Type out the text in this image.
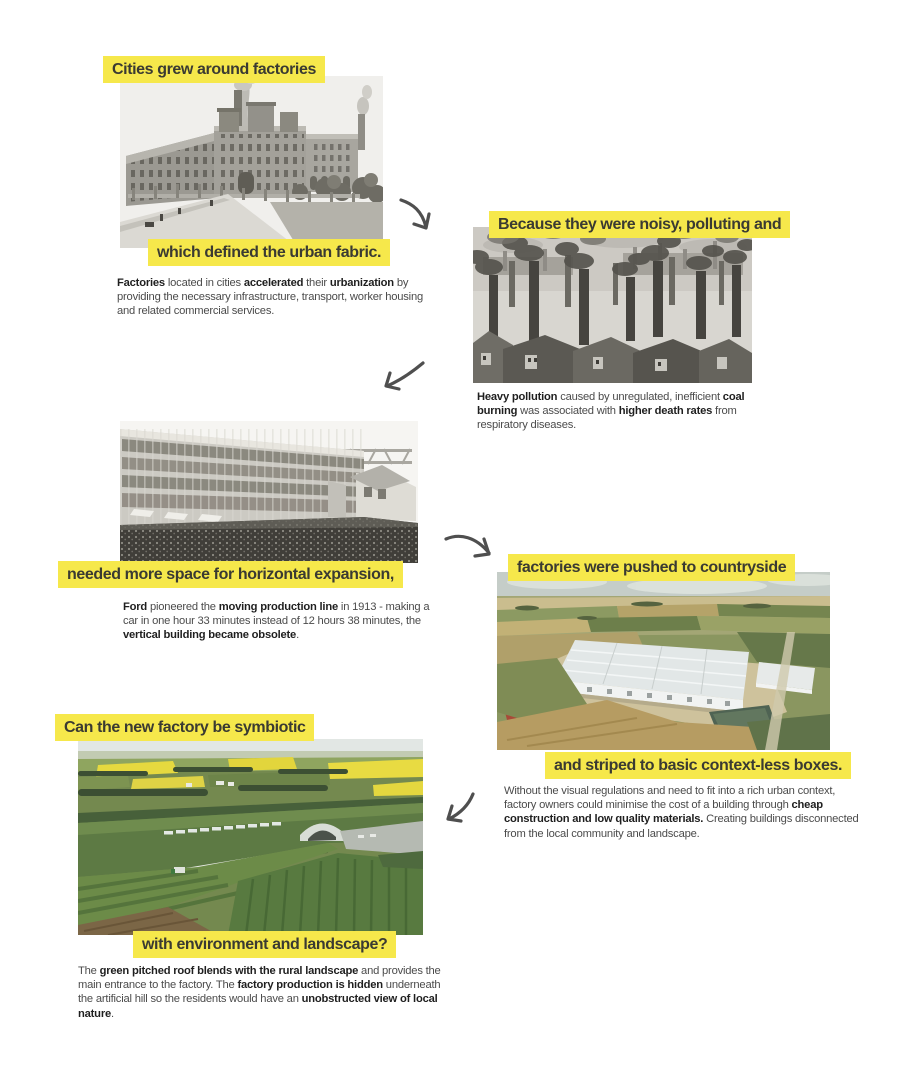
Cities grew around factories
which defined the urban fabric.

Factories located in cities accelerated their urbanization by providing the necessary infrastructure, transport, worker housing and related commercial services.

Because they were noisy, polluting and

Heavy pollution caused by unregulated, inefficient coal burning was associated with higher death rates from respiratory diseases.

needed more space for horizontal expansion,

Ford pioneered the moving production line in 1913 - making a car in one hour 33 minutes instead of 12 hours 38 minutes, the vertical building became obsolete.

factories were pushed to countryside
and striped to basic context-less boxes.

Without the visual regulations and need to fit into a rich urban context, factory owners could minimise the cost of a building through cheap construction and low quality materials. Creating buildings disconnected from the local community and landscape.

Can the new factory be symbiotic
with environment and landscape?

The green pitched roof blends with the rural landscape and provides the main entrance to the factory. The factory production is hidden underneath the artificial hill so the residents would have an unobstructed view of local nature.
